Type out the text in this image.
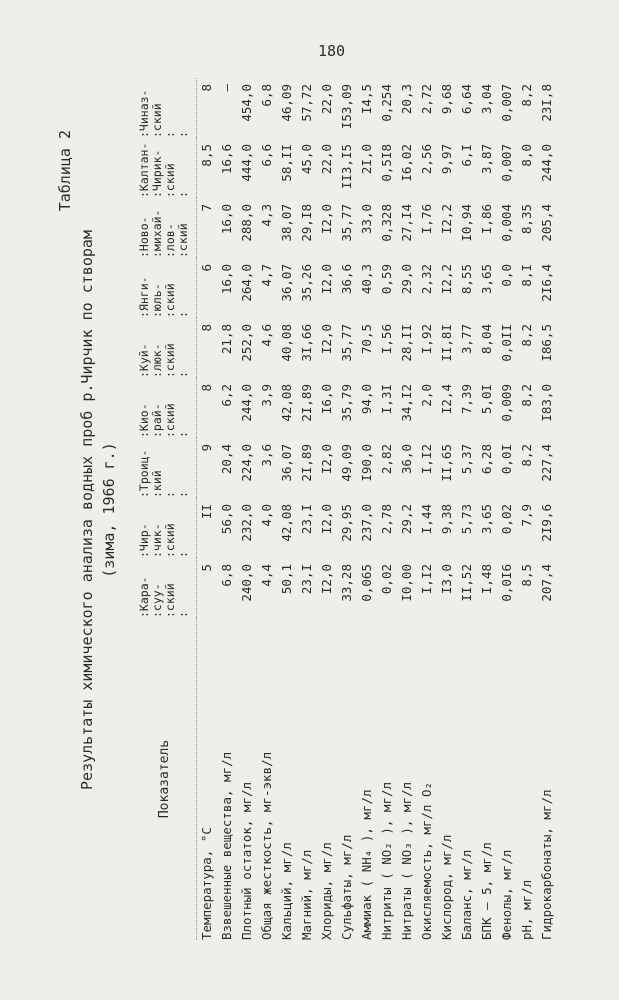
180
Таблица 2
Результаты химического анализа водных проб р.Чирчик по створам (зима, 1966 г.)
Показатель	:Карa-
:суу-
:ский
:	:Чир-
:чик-
:ский
:	:Троиц-
:кий
:
:	:Кио-
:рай-
:ский
:	:Куй-
:люк-
:ский
:	:Янги-
:юль-
:ский
:	:Ново-
:михай-
:лов-
:ский	:Калтан-
:Чирик-
:ский
:	:Чиназ-
:ский
:
:
Температура, °С	5	II	9	8	8	6	7	8,5	8
Взвешенные вещества, мг/л	6,8	56,0	20,4	6,2	21,8	16,0	16,0	16,6	–
Плотный остаток, мг/л	240,0	232,0	224,0	244,0	252,0	264,0	288,0	444,0	454,0
Общая жесткость, мг-экв/л	4,4	4,0	3,6	3,9	4,6	4,7	4,3	6,6	6,8
Кальций, мг/л	50,1	42,08	36,07	42,08	40,08	36,07	38,07	58,II	46,09
Магний, мг/л	23,I	23,I	2I,89	2I,89	3I,66	35,26	29,I8	45,0	57,72
Хлориды, мг/л	I2,0	I2,0	I2,0	I6,0	I2,0	I2,0	I2,0	22,0	22,0
Сульфаты, мг/л	33,28	29,95	49,09	35,79	35,77	36,6	35,77	II3,I5	I53,09
Аммиак ( NH₄ ), мг/л	0,065	237,0	I90,0	94,0	70,5	40,3	33,0	2I,0	I4,5
Нитриты ( NO₂ ), мг/л	0,02	2,78	2,82	I,3I	I,56	0,59	0,328	0,5I8	0,254
Нитраты ( NO₃ ), мг/л	I0,00	29,2	36,0	34,I2	28,II	29,0	27,I4	I6,02	20,3
Окисляемость, мг/л O₂	I,I2	I,44	I,I2	2,0	I,92	2,32	I,76	2,56	2,72
Кислород, мг/л	I3,0	9,38	II,65	I2,4	II,8I	I2,2	I2,2	9,97	9,68
Баланс, мг/л	II,52	5,73	5,37	7,39	3,77	8,55	I0,94	6,I	6,64
БПК – 5, мг/л	I,48	3,65	6,28	5,0I	8,04	3,65	I,86	3,87	3,04
Фенолы, мг/л	0,0I6	0,02	0,0I	0,009	0,0II	0,0	0,004	0,007	0,007
pH, мг/л	8,5	7,9	8,2	8,2	8,2	8,I	8,35	8,0	8,2
Гидрокарбонаты, мг/л	207,4	2I9,6	227,4	I83,0	I86,5	2I6,4	205,4	244,0	23I,8
